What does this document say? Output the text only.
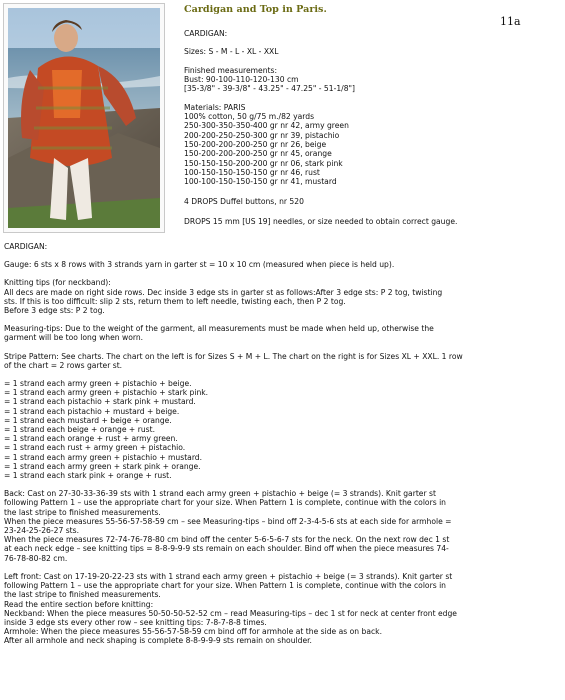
Cardigan and Top in Paris.
11a
CARDIGAN:
Sizes: S - M - L - XL - XXL
Finished measurements:
Bust: 90-100-110-120-130 cm
[35-3/8" - 39-3/8" - 43.25" - 47.25" - 51-1/8"]
Materials: PARIS
100% cotton, 50 g/75 m./82 yards
250-300-350-350-400 gr nr 42, army green
200-200-250-250-300 gr nr 39, pistachio
150-200-200-200-250 gr nr 26, beige
150-200-200-200-250 gr nr 45, orange
150-150-150-200-200 gr nr 06, stark pink
100-150-150-150-150 gr nr 46, rust
100-100-150-150-150 gr nr 41, mustard
4 DROPS Duffel buttons, nr 520
DROPS 15 mm [US 19] needles, or size needed to obtain correct gauge.

CARDIGAN:

Gauge: 6 sts x 8 rows with 3 strands yarn in garter st = 10 x 10 cm (measured when piece is held up).

Knitting tips (for neckband):

All decs are made on right side rows. Dec inside 3 edge sts in garter st as follows:After 3 edge sts: P 2 tog, twisting

sts. If this is too difficult: slip 2 sts, return them to left needle, twisting each, then P 2 tog.

Before 3 edge sts: P 2 tog.

Measuring-tips: Due to the weight of the garment, all measurements must be made when held up, otherwise the

garment will be too long when worn.

Stripe Pattern: See charts. The chart on the left is for Sizes S + M + L. The chart on the right is for Sizes XL + XXL. 1 row

of the chart = 2 rows garter st.

= 1 strand each army green + pistachio + beige.

= 1 strand each army green + pistachio + stark pink.

= 1 strand each pistachio + stark pink + mustard.

= 1 strand each pistachio + mustard + beige.

= 1 strand each mustard + beige + orange.

= 1 strand each beige + orange + rust.

= 1 strand each orange + rust + army green.

= 1 strand each rust + army green + pistachio.

= 1 strand each army green + pistachio + mustard.

= 1 strand each army green + stark pink + orange.

= 1 strand each stark pink + orange + rust.

Back: Cast on 27-30-33-36-39 sts with 1 strand each army green + pistachio + beige (= 3 strands). Knit garter st

following Pattern 1 – use the appropriate chart for your size. When Pattern 1 is complete, continue with the colors in

the last stripe to finished measurements.

When the piece measures 55-56-57-58-59 cm – see Measuring-tips – bind off 2-3-4-5-6 sts at each side for armhole =

23-24-25-26-27 sts.

When the piece measures 72-74-76-78-80 cm bind off the center 5-6-5-6-7 sts for the neck. On the next row dec 1 st

at each neck edge – see knitting tips = 8-8-9-9-9 sts remain on each shoulder. Bind off when the piece measures 74-

76-78-80-82 cm.

Left front: Cast on 17-19-20-22-23 sts with 1 strand each army green + pistachio + beige (= 3 strands). Knit garter st

following Pattern 1 – use the appropriate chart for your size. When Pattern 1 is complete, continue with the colors in

the last stripe to finished measurements.

Read the entire section before knitting:

Neckband: When the piece measures 50-50-50-52-52 cm – read Measuring-tips – dec 1 st for neck at center front edge

inside 3 edge sts every other row – see knitting tips: 7-8-7-8-8 times.

Armhole: When the piece measures 55-56-57-58-59 cm bind off for armhole at the side as on back.

After all armhole and neck shaping is complete 8-8-9-9-9 sts remain on shoulder.
